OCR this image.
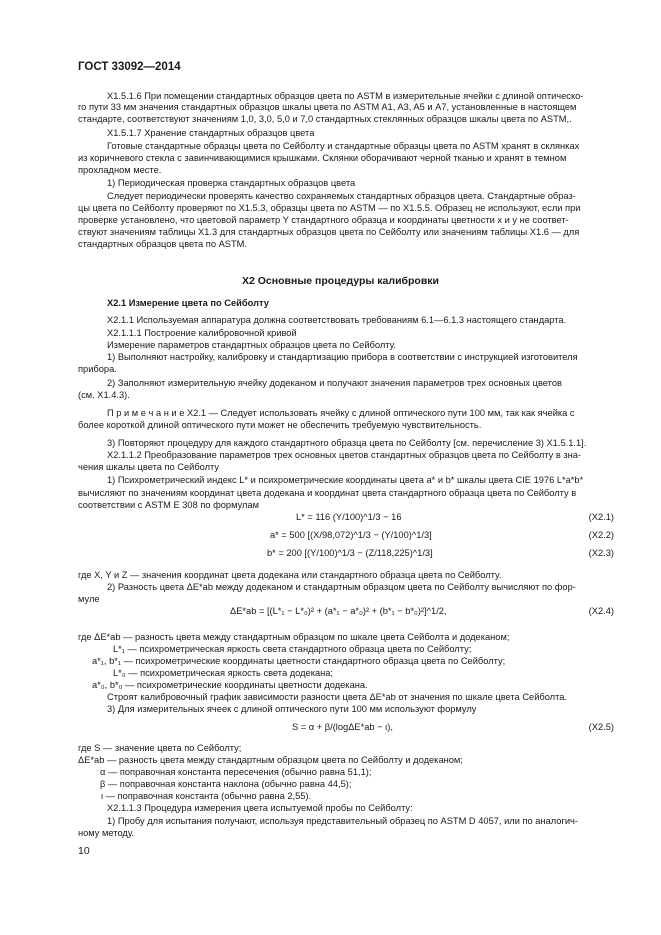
ГОСТ 33092—2014
X1.5.1.6 При помещении стандартных образцов цвета по ASTM в измерительные ячейки с длиной оптическо-
го пути 33 мм значения стандартных образцов шкалы цвета по ASTM A1, A3, A5 и A7, установленные в настоящем
стандарте, соответствуют значениям 1,0, 3,0, 5,0 и 7,0 стандартных стеклянных образцов шкалы цвета по ASTM,.
X1.5.1.7 Хранение стандартных образцов цвета
Готовые стандартные образцы цвета по Сейболту и стандартные образцы цвета по ASTM хранят в склянках
из коричневого стекла с завинчивающимися крышками. Склянки оборачивают черной тканью и хранят в темном
прохладном месте.
1) Периодическая проверка стандартных образцов цвета
Следует периодически проверять качество сохраняемых стандартных образцов цвета. Стандартные образ-
цы цвета по Сейболту проверяют по X1.5.3, образцы цвета по ASTM — по X1.5.5. Образец не используют, если при
проверке установлено, что цветовой параметр Y стандартного образца и координаты цветности x и y не соответ-
ствуют значениям таблицы X1.3 для стандартных образцов цвета по Сейболту или значениям таблицы X1.6 — для
стандартных образцов цвета по ASTM.
X2 Основные процедуры калибровки
X2.1 Измерение цвета по Сейболту
X2.1.1 Используемая аппаратура должна соответствовать требованиям 6.1—6.1.3 настоящего стандарта.
X2.1.1.1 Построение калибровочной кривой
Измерение параметров стандартных образцов цвета по Сейболту.
1) Выполняют настройку, калибровку и стандартизацию прибора в соответствии с инструкцией изготовителя
прибора.
2) Заполняют измерительную ячейку додеканом и получают значения параметров трех основных цветов
(см. X1.4.3).
П р и м е ч а н и е X2.1 — Следует использовать ячейку с длиной оптического пути 100 мм, так как ячейка с
более короткой длиной оптического пути может не обеспечить требуемую чувствительность.
3) Повторяют процедуру для каждого стандартного образца цвета по Сейболту [см. перечисление 3) X1.5.1.1].
X2.1.1.2 Преобразование параметров трех основных цветов стандартных образцов цвета по Сейболту в зна-
чения шкалы цвета по Сейболту
1) Психрометрический индекс L* и психрометрические координаты цвета a* и b* шкалы цвета CIE 1976 L*a*b*
вычисляют по значениям координат цвета додекана и координат цвета стандартного образца цвета по Сейболту в
соответствии с ASTM E 308 по формулам
L* = 116 (Y/100)^1/3 − 16	(X2.1)
a* = 500 [(X/98,072)^1/3 − (Y/100)^1/3]	(X2.2)
b* = 200 [(Y/100)^1/3 − (Z/118,225)^1/3]	(X2.3)
где X, Y и Z — значения координат цвета додекана или стандартного образца цвета по Сейболту.
2) Разность цвета ΔE*ab между додеканом и стандартным образцом цвета по Сейболту вычисляют по фор-
муле
ΔE*ab = [(L*₁ − L*₀)² + (a*₁ − a*₀)² + (b*₁ − b*₀)²]^1/2,	(X2.4)
где ΔE*ab — разность цвета между стандартным образцом по шкале цвета Сейболта и додеканом;
L*₁ — психрометрическая яркость света стандартного образца цвета по Сейболту;
a*₁, b*₁ — психрометрические координаты цветности стандартного образца цвета по Сейболту;
L*₀ — психрометрическая яркость света додекана;
a*₀, b*₀ — психрометрические координаты цветности додекана.
Строят калибровочный график зависимости разности цвета ΔE*ab от значения по шкале цвета Сейболта.
3) Для измерительных ячеек с длиной оптического пути 100 мм используют формулу
S = α + β/(logΔE*ab − ι),	(X2.5)
где S — значение цвета по Сейболту;
ΔE*ab — разность цвета между стандартным образцом цвета по Сейболту и додеканом;
α — поправочная константа пересечения (обычно равна 51,1);
β — поправочная константа наклона (обычно равна 44,5);
ι — поправочная константа (обычно равна 2,55).
X2.1.1.3 Процедура измерения цвета испытуемой пробы по Сейболту:
1) Пробу для испытания получают, используя представительный образец по ASTM D 4057, или по аналогич-
ному методу.
10
